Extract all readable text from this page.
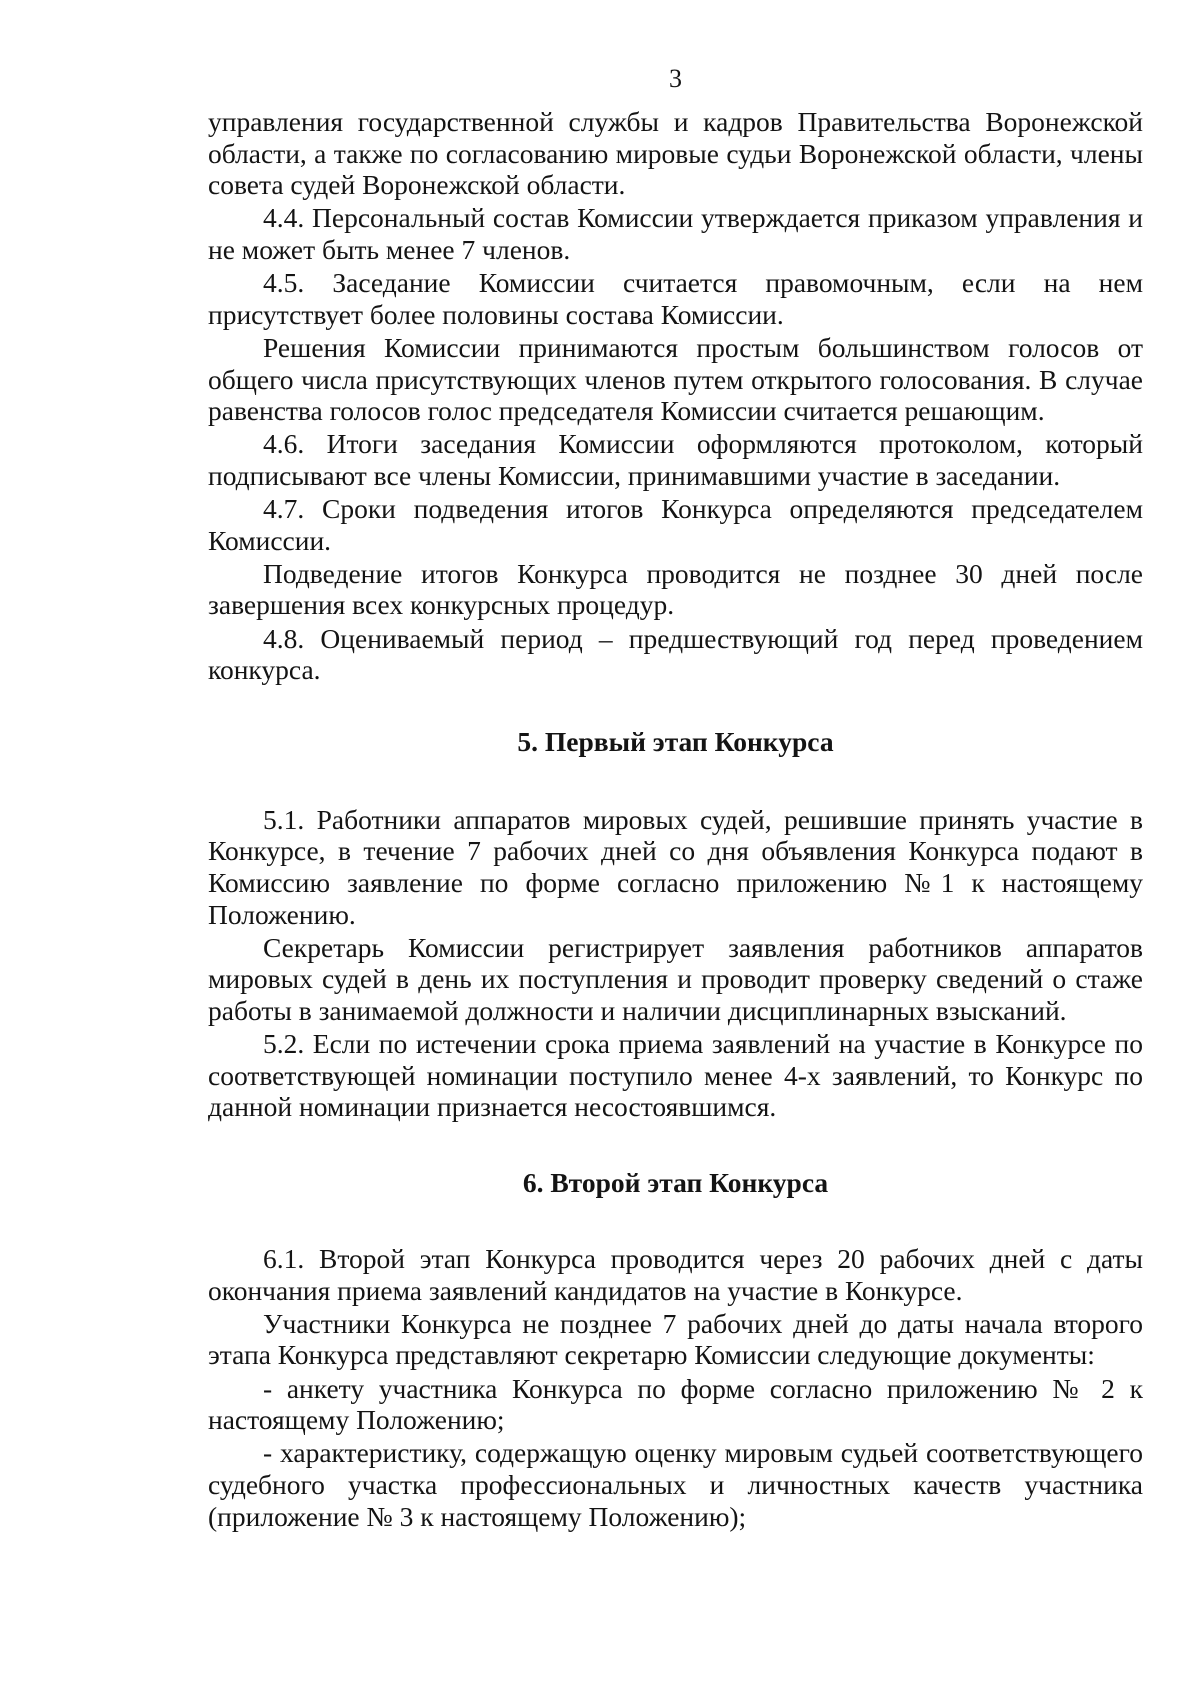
3

управления государственной службы и кадров Правительства Воронежской области, а также по согласованию мировые судьи Воронежской области, члены совета судей Воронежской области.

4.4. Персональный состав Комиссии утверждается приказом управления и не может быть менее 7 членов.

4.5. Заседание Комиссии считается правомочным, если на нем присутствует более половины состава Комиссии.

Решения Комиссии принимаются простым большинством голосов от общего числа присутствующих членов путем открытого голосования. В случае равенства голосов голос председателя Комиссии считается решающим.

4.6. Итоги заседания Комиссии оформляются протоколом, который подписывают все члены Комиссии, принимавшими участие в заседании.

4.7. Сроки подведения итогов Конкурса определяются председателем Комиссии.

Подведение итогов Конкурса проводится не позднее 30 дней после завершения всех конкурсных процедур.

4.8. Оцениваемый период – предшествующий год перед проведением конкурса.

5. Первый этап Конкурса

5.1. Работники аппаратов мировых судей, решившие принять участие в Конкурсе, в течение 7 рабочих дней со дня объявления Конкурса подают в Комиссию заявление по форме согласно приложению №1 к настоящему Положению.

Секретарь Комиссии регистрирует заявления работников аппаратов мировых судей в день их поступления и проводит проверку сведений о стаже работы в занимаемой должности и наличии дисциплинарных взысканий.

5.2. Если по истечении срока приема заявлений на участие в Конкурсе по соответствующей номинации поступило менее 4-х заявлений, то Конкурс по данной номинации признается несостоявшимся.

6. Второй этап Конкурса

6.1. Второй этап Конкурса проводится через 20 рабочих дней с даты окончания приема заявлений кандидатов на участие в Конкурсе.

Участники Конкурса не позднее 7 рабочих дней до даты начала второго этапа Конкурса представляют секретарю Комиссии следующие документы:

- анкету участника Конкурса по форме согласно приложению № 2 к настоящему Положению;

- характеристику, содержащую оценку мировым судьей соответствующего судебного участка профессиональных и личностных качеств участника (приложение № 3 к настоящему Положению);
